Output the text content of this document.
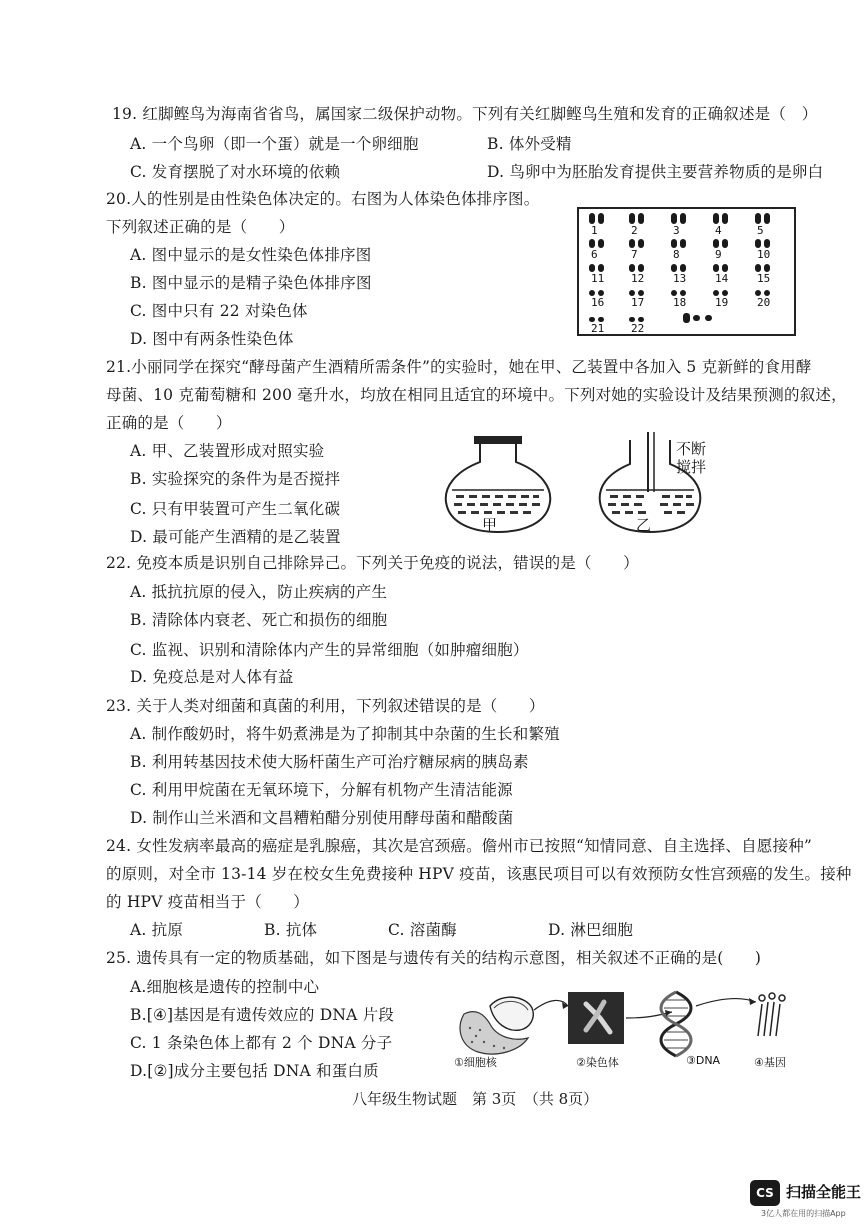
19. 红脚鲣鸟为海南省省鸟，属国家二级保护动物。下列有关红脚鲣鸟生殖和发育的正确叙述是（　）
A. 一个鸟卵（即一个蛋）就是一个卵细胞	B. 体外受精
C. 发育摆脱了对水环境的依赖	D. 鸟卵中为胚胎发育提供主要营养物质的是卵白
20.人的性别是由性染色体决定的。右图为人体染色体排序图。
下列叙述正确的是（　　）
A. 图中显示的是女性染色体排序图
B. 图中显示的是精子染色体排序图
C. 图中只有 22 对染色体
D. 图中有两条性染色体
1	2	3	4	5
6	7	8	9	10
11 12	13	14	15
16 17	18	19	20
21 22
21.小丽同学在探究“酵母菌产生酒精所需条件”的实验时，她在甲、乙装置中各加入 5 克新鲜的食用酵
母菌、10 克葡萄糖和 200 毫升水，均放在相同且适宜的环境中。下列对她的实验设计及结果预测的叙述，
正确的是（　　）
A. 甲、乙装置形成对照实验
B. 实验探究的条件为是否搅拌
C. 只有甲装置可产生二氧化碳
D. 最可能产生酒精的是乙装置
甲	乙
不断
搅拌
22. 免疫本质是识别自己排除异己。下列关于免疫的说法，错误的是（　　）
A. 抵抗抗原的侵入，防止疾病的产生
B. 清除体内衰老、死亡和损伤的细胞
C. 监视、识别和清除体内产生的异常细胞（如肿瘤细胞）
D. 免疫总是对人体有益
23. 关于人类对细菌和真菌的利用，下列叙述错误的是（　　）
A. 制作酸奶时，将牛奶煮沸是为了抑制其中杂菌的生长和繁殖
B. 利用转基因技术使大肠杆菌生产可治疗糖尿病的胰岛素
C. 利用甲烷菌在无氧环境下，分解有机物产生清洁能源
D. 制作山兰米酒和文昌糟粕醋分别使用酵母菌和醋酸菌
24. 女性发病率最高的癌症是乳腺癌，其次是宫颈癌。儋州市已按照“知情同意、自主选择、自愿接种”
的原则，对全市 13-14 岁在校女生免费接种 HPV 疫苗，该惠民项目可以有效预防女性宫颈癌的发生。接种
的 HPV 疫苗相当于（　　）
A. 抗原	B. 抗体	C. 溶菌酶	D. 淋巴细胞
25. 遗传具有一定的物质基础，如下图是与遗传有关的结构示意图，相关叙述不正确的是(　　)
A.细胞核是遗传的控制中心
B.[④]基因是有遗传效应的 DNA 片段
C. 1 条染色体上都有 2 个 DNA 分子
D.[②]成分主要包括 DNA 和蛋白质	①细胞核	②染色体	③DNA	④基因
八年级生物试题　第 3页　（共 8页）
CS 扫描全能王
3亿人都在用的扫描App
